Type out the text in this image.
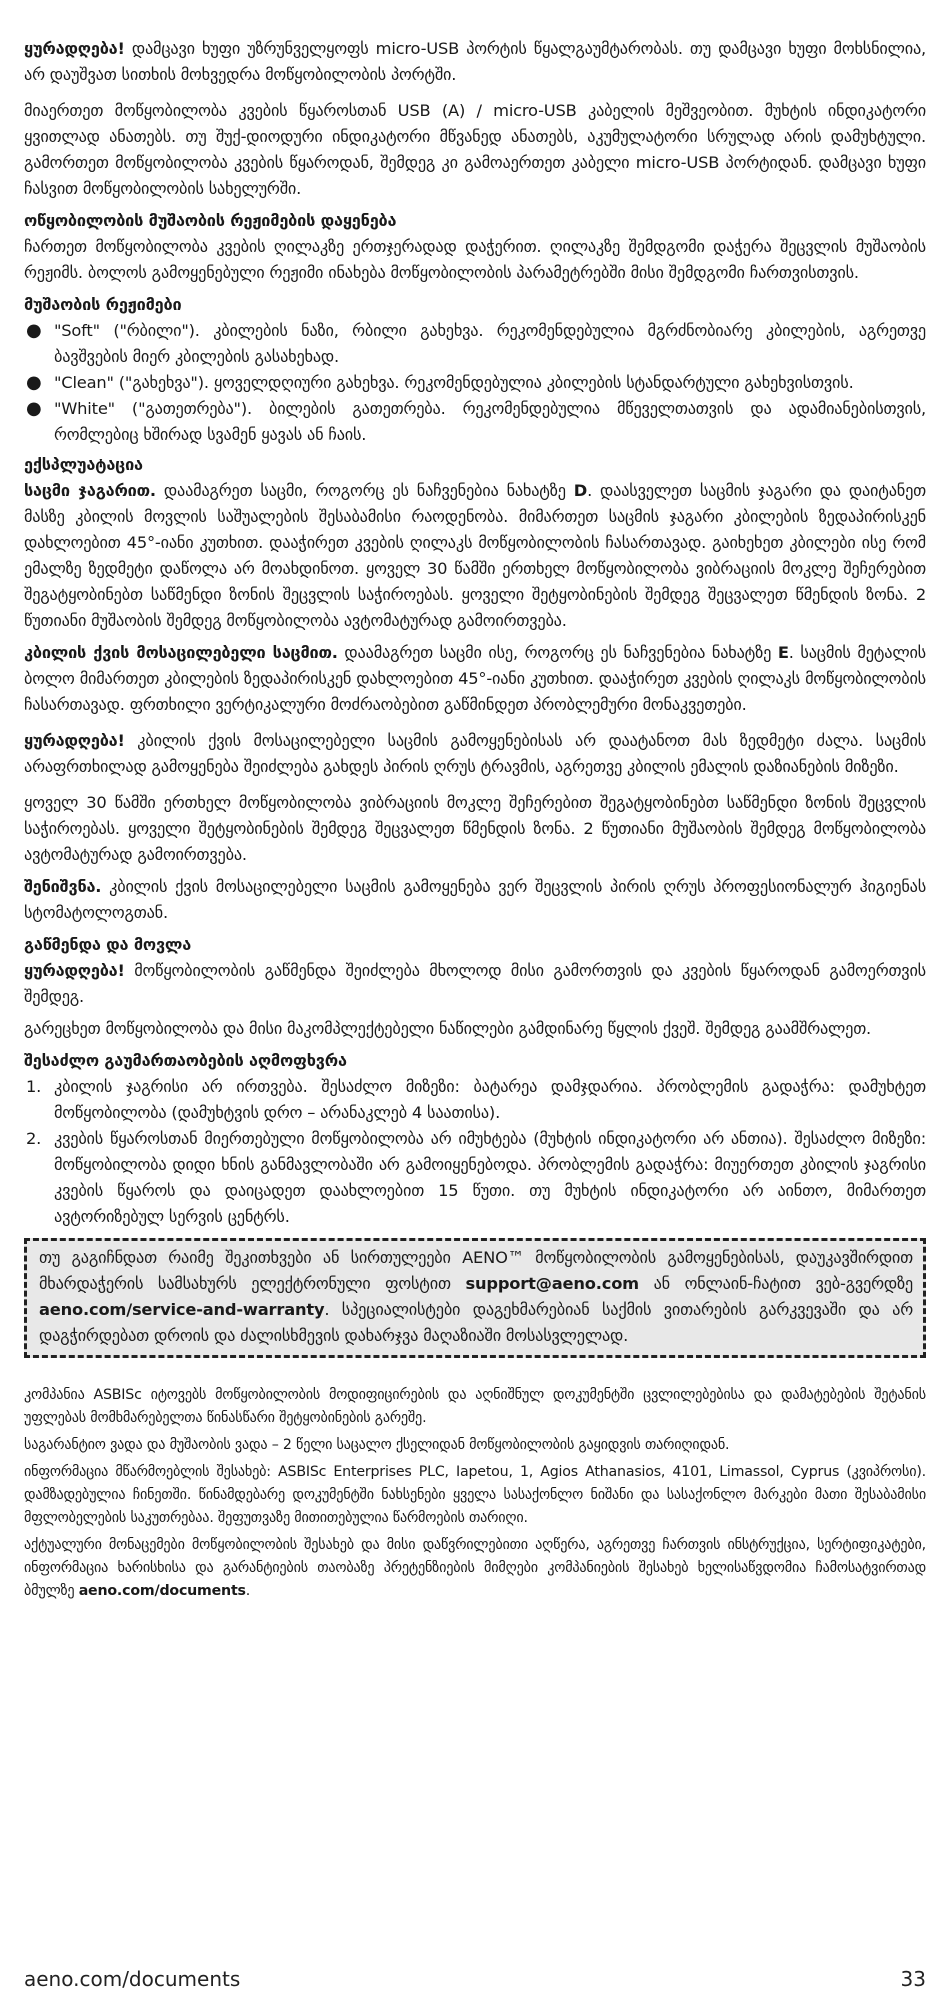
ყურადღება! დამცავი ხუფი უზრუნველყოფს micro-USB პორტის წყალგაუმტარობას. თუ დამცავი ხუფი მოხსნილია, არ დაუშვათ სითხის მოხვედრა მოწყობილობის პორტში.

მიაერთეთ მოწყობილობა კვების წყაროსთან USB (A) / micro-USB კაბელის მეშვეობით. მუხტის ინდიკატორი ყვითლად ანათებს. თუ შუქ-დიოდური ინდიკატორი მწვანედ ანათებს, აკუმულატორი სრულად არის დამუხტული. გამორთეთ მოწყობილობა კვების წყაროდან, შემდეგ კი გამოაერთეთ კაბელი micro-USB პორტიდან. დამცავი ხუფი ჩასვით მოწყობილობის სახელურში.

ოწყობილობის მუშაობის რეჟიმების დაყენება

ჩართეთ მოწყობილობა კვების ღილაკზე ერთჯერადად დაჭერით. ღილაკზე შემდგომი დაჭერა შეცვლის მუშაობის რეჟიმს. ბოლოს გამოყენებული რეჟიმი ინახება მოწყობილობის პარამეტრებში მისი შემდგომი ჩართვისთვის.

მუშაობის რეჟიმები
● "Soft" ("რბილი"). კბილების ნაზი, რბილი გახეხვა. რეკომენდებულია მგრძნობიარე კბილების, აგრეთვე ბავშვების მიერ კბილების გასახეხად.
● "Clean" ("გახეხვა"). ყოველდღიური გახეხვა. რეკომენდებულია კბილების სტანდარტული გახეხვისთვის.
● "White" ("გათეთრება"). ბილების გათეთრება. რეკომენდებულია მწეველთათვის და ადამიანებისთვის, რომლებიც ხშირად სვამენ ყავას ან ჩაის.
ექსპლუატაცია

საცმი ჯაგარით. დაამაგრეთ საცმი, როგორც ეს ნაჩვენებია ნახატზე D. დაასველეთ საცმის ჯაგარი და დაიტანეთ მასზე კბილის მოვლის საშუალების შესაბამისი რაოდენობა. მიმართეთ საცმის ჯაგარი კბილების ზედაპირისკენ დახლოებით 45°-იანი კუთხით. დააჭირეთ კვების ღილაკს მოწყობილობის ჩასართავად. გაიხეხეთ კბილები ისე რომ ემალზე ზედმეტი დაწოლა არ მოახდინოთ. ყოველ 30 წამში ერთხელ მოწყობილობა ვიბრაციის მოკლე შეჩერებით შეგატყობინებთ საწმენდი ზონის შეცვლის საჭიროებას. ყოველი შეტყობინების შემდეგ შეცვალეთ წმენდის ზონა. 2 წუთიანი მუშაობის შემდეგ მოწყობილობა ავტომატურად გამოირთვება.

კბილის ქვის მოსაცილებელი საცმით. დაამაგრეთ საცმი ისე, როგორც ეს ნაჩვენებია ნახატზე E. საცმის მეტალის ბოლო მიმართეთ კბილების ზედაპირისკენ დახლოებით 45°-იანი კუთხით. დააჭირეთ კვების ღილაკს მოწყობილობის ჩასართავად. ფრთხილი ვერტიკალური მოძრაობებით გაწმინდეთ პრობლემური მონაკვეთები.

ყურადღება! კბილის ქვის მოსაცილებელი საცმის გამოყენებისას არ დაატანოთ მას ზედმეტი ძალა. საცმის არაფრთხილად გამოყენება შეიძლება გახდეს პირის ღრუს ტრავმის, აგრეთვე კბილის ემალის დაზიანების მიზეზი.

ყოველ 30 წამში ერთხელ მოწყობილობა ვიბრაციის მოკლე შეჩერებით შეგატყობინებთ საწმენდი ზონის შეცვლის საჭიროებას. ყოველი შეტყობინების შემდეგ შეცვალეთ წმენდის ზონა. 2 წუთიანი მუშაობის შემდეგ მოწყობილობა ავტომატურად გამოირთვება.

შენიშვნა. კბილის ქვის მოსაცილებელი საცმის გამოყენება ვერ შეცვლის პირის ღრუს პროფესიონალურ ჰიგიენას სტომატოლოგთან.

გაწმენდა და მოვლა

ყურადღება! მოწყობილობის გაწმენდა შეიძლება მხოლოდ მისი გამორთვის და კვების წყაროდან გამოერთვის შემდეგ.

გარეცხეთ მოწყობილობა და მისი მაკომპლექტებელი ნაწილები გამდინარე წყლის ქვეშ. შემდეგ გაამშრალეთ.

შესაძლო გაუმართაობების აღმოფხვრა
1. კბილის ჯაგრისი არ ირთვება. შესაძლო მიზეზი: ბატარეა დამჯდარია. პრობლემის გადაჭრა: დამუხტეთ მოწყობილობა (დამუხტვის დრო – არანაკლებ 4 საათისა).
2. კვების წყაროსთან მიერთებული მოწყობილობა არ იმუხტება (მუხტის ინდიკატორი არ ანთია). შესაძლო მიზეზი: მოწყობილობა დიდი ხნის განმავლობაში არ გამოიყენებოდა. პრობლემის გადაჭრა: მიუერთეთ კბილის ჯაგრისი კვების წყაროს და დაიცადეთ დაახლოებით 15 წუთი. თუ მუხტის ინდიკატორი არ აინთო, მიმართეთ ავტორიზებულ სერვის ცენტრს.

თუ გაგიჩნდათ რაიმე შეკითხვები ან სირთულეები AENO™ მოწყობილობის გამოყენებისას, დაუკავშირდით მხარდაჭერის სამსახურს ელექტრონული ფოსტით support@aeno.com ან ონლაინ-ჩატით ვებ-გვერდზე aeno.com/service-and-warranty. სპეციალისტები დაგეხმარებიან საქმის ვითარების გარკვევაში და არ დაგჭირდებათ დროის და ძალისხმევის დახარჯვა მაღაზიაში მოსასვლელად.

კომპანია ASBISc იტოვებს მოწყობილობის მოდიფიცირების და აღნიშნულ დოკუმენტში ცვლილებებისა და დამატებების შეტანის უფლებას მომხმარებელთა წინასწარი შეტყობინების გარეშე.

საგარანტიო ვადა და მუშაობის ვადა – 2 წელი საცალო ქსელიდან მოწყობილობის გაყიდვის თარიღიდან.

ინფორმაცია მწარმოებლის შესახებ: ASBISc Enterprises PLC, Iapetou, 1, Agios Athanasios, 4101, Limassol, Cyprus (კვიპროსი). დამზადებულია ჩინეთში. წინამდებარე დოკუმენტში ნახსენები ყველა სასაქონლო ნიშანი და სასაქონლო მარკები მათი შესაბამისი მფლობელების საკუთრებაა. შეფუთვაზე მითითებულია წარმოების თარიღი.

აქტუალური მონაცემები მოწყობილობის შესახებ და მისი დაწვრილებითი აღწერა, აგრეთვე ჩართვის ინსტრუქცია, სერტიფიკატები, ინფორმაცია ხარისხისა და გარანტიების თაობაზე პრეტენზიების მიმღები კომპანიების შესახებ ხელისაწვდომია ჩამოსატვირთად ბმულზე aeno.com/documents.

aeno.com/documents	33
